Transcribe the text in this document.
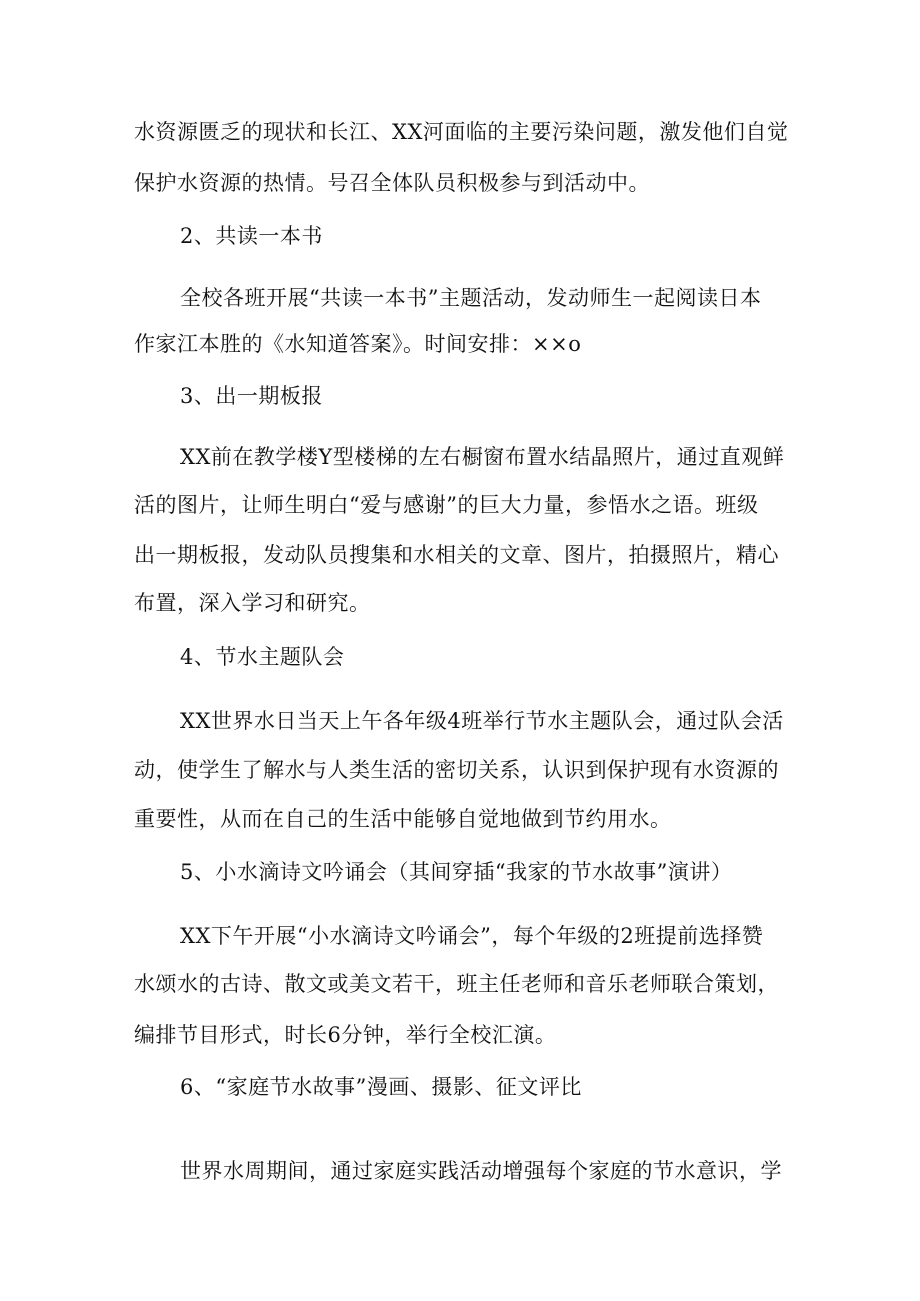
水资源匮乏的现状和长江、XX河面临的主要污染问题，激发他们自觉
保护水资源的热情。号召全体队员积极参与到活动中。
2、共读一本书
全校各班开展“共读一本书”主题活动，发动师生一起阅读日本
作家江本胜的《水知道答案》。时间安排：××o
3、出一期板报
XX前在教学楼Y型楼梯的左右橱窗布置水结晶照片，通过直观鲜
活的图片，让师生明白“爱与感谢”的巨大力量，参悟水之语。班级
出一期板报，发动队员搜集和水相关的文章、图片，拍摄照片，精心
布置，深入学习和研究。
4、节水主题队会
XX世界水日当天上午各年级4班举行节水主题队会，通过队会活
动，使学生了解水与人类生活的密切关系，认识到保护现有水资源的
重要性，从而在自己的生活中能够自觉地做到节约用水。
5、小水滴诗文吟诵会（其间穿插“我家的节水故事”演讲）
XX下午开展“小水滴诗文吟诵会”，每个年级的2班提前选择赞
水颂水的古诗、散文或美文若干，班主任老师和音乐老师联合策划，
编排节目形式，时长6分钟，举行全校汇演。
6、“家庭节水故事”漫画、摄影、征文评比
世界水周期间，通过家庭实践活动增强每个家庭的节水意识，学
